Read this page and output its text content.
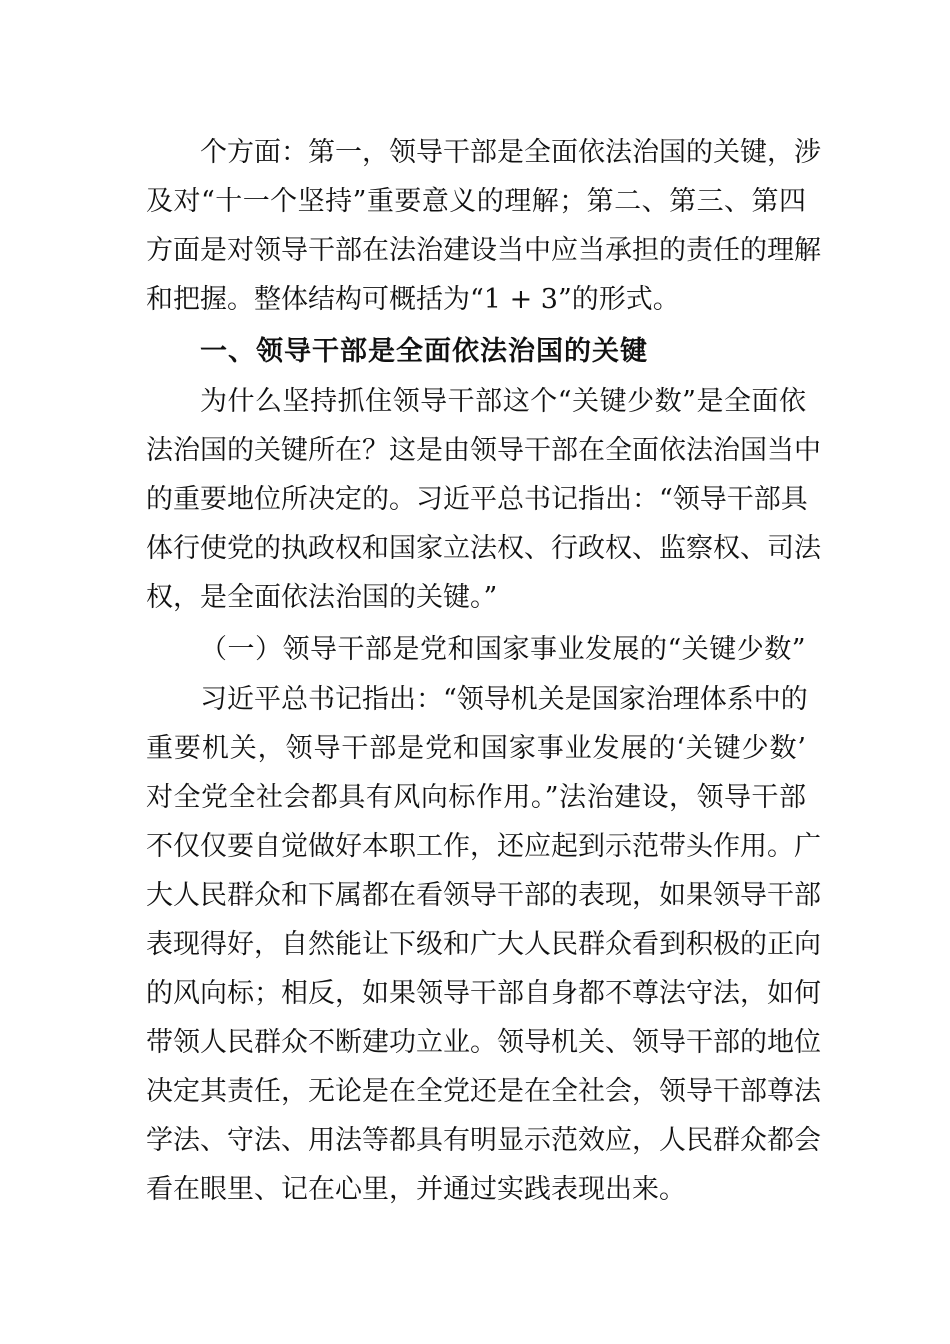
个方面：第一，领导干部是全面依法治国的关键，涉
及对“十一个坚持”重要意义的理解；第二、第三、第四
方面是对领导干部在法治建设当中应当承担的责任的理解
和把握。整体结构可概括为“1 + 3”的形式。
一、领导干部是全面依法治国的关键
为什么坚持抓住领导干部这个“关键少数”是全面依
法治国的关键所在？这是由领导干部在全面依法治国当中
的重要地位所决定的。习近平总书记指出：“领导干部具
体行使党的执政权和国家立法权、行政权、监察权、司法
权，是全面依法治国的关键。”
（一）领导干部是党和国家事业发展的“关键少数”
习近平总书记指出：“领导机关是国家治理体系中的
重要机关，领导干部是党和国家事业发展的‘关键少数’
对全党全社会都具有风向标作用。”法治建设，领导干部
不仅仅要自觉做好本职工作，还应起到示范带头作用。广
大人民群众和下属都在看领导干部的表现，如果领导干部
表现得好，自然能让下级和广大人民群众看到积极的正向
的风向标；相反，如果领导干部自身都不尊法守法，如何
带领人民群众不断建功立业。领导机关、领导干部的地位
决定其责任，无论是在全党还是在全社会，领导干部尊法
学法、守法、用法等都具有明显示范效应，人民群众都会
看在眼里、记在心里，并通过实践表现出来。
